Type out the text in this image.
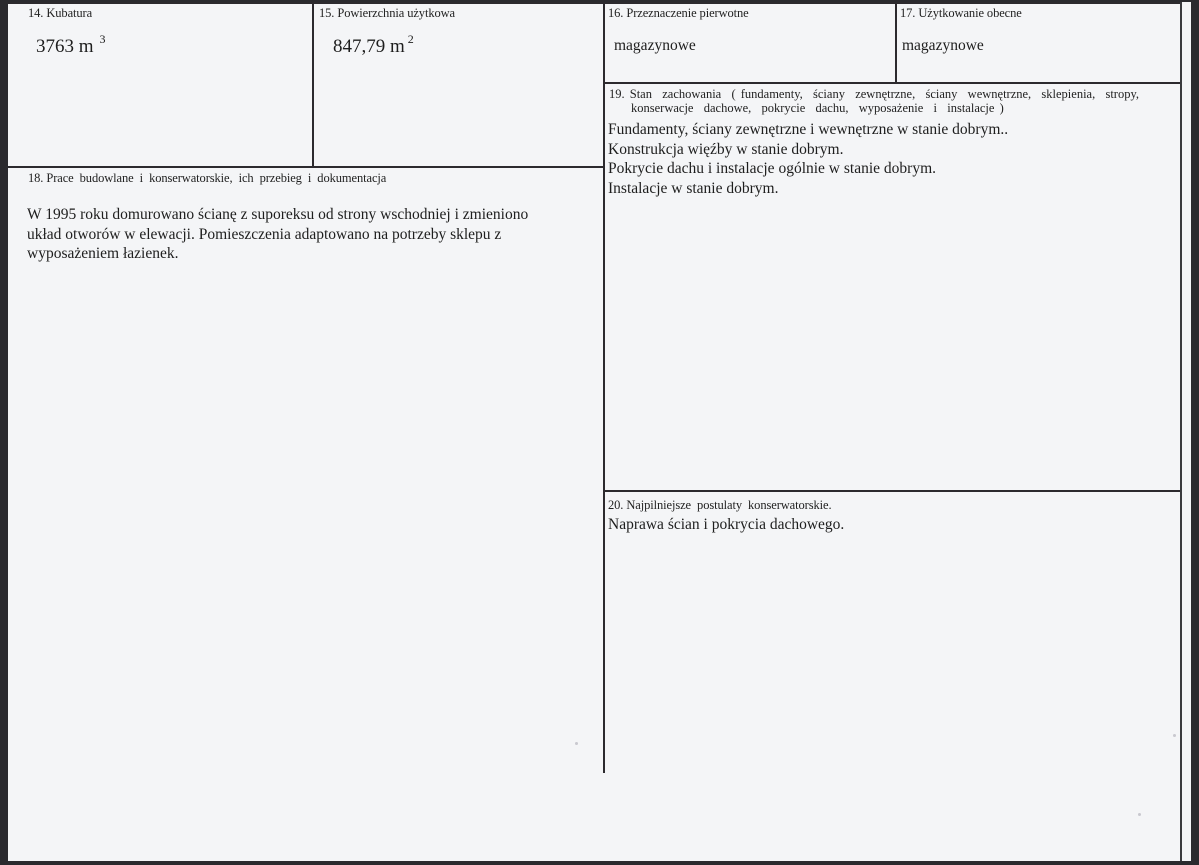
14. Kubatura
3763 m $^3$
15. Powierzchnia użytkowa
847,79 m $^2$
16. Przeznaczenie pierwotne
magazynowe
17. Użytkowanie obecne
magazynowe
19. Stan  zachowania  ( fundamenty,  ściany  zewnętrzne,  ściany  wewnętrzne,  sklepienia,  stropy,
konserwacje  dachowe,  pokrycie  dachu,  wyposażenie  i  instalacje )
Fundamenty, ściany zewnętrzne i wewnętrzne w stanie dobrym..
Konstrukcja więźby w stanie dobrym.
Pokrycie dachu i instalacje ogólnie w stanie dobrym.
Instalacje w stanie dobrym.
18. Prace  budowlane  i  konserwatorskie,  ich  przebieg  i  dokumentacja
W 1995 roku domurowano ścianę z suporeksu od strony wschodniej i zmieniono
układ otworów w elewacji. Pomieszczenia adaptowano na potrzeby sklepu z
wyposażeniem łazienek.
20. Najpilniejsze  postulaty  konserwatorskie.
Naprawa ścian i pokrycia dachowego.
